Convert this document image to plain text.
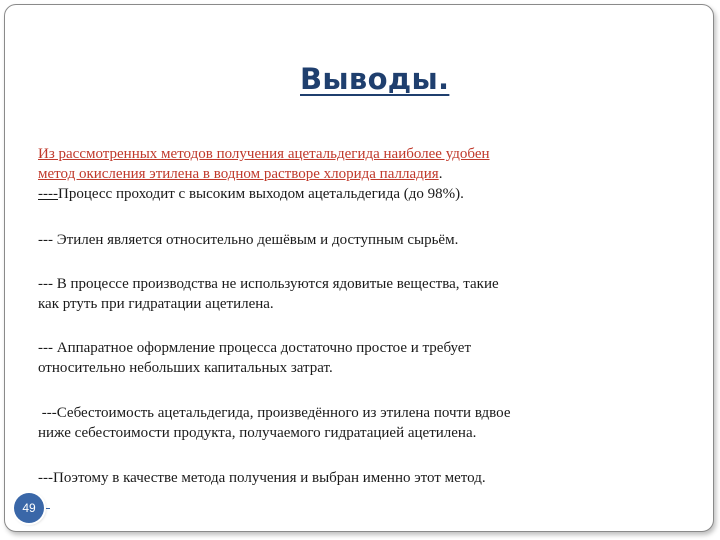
Выводы.
Из рассмотренных методов получения ацетальдегида наиболее удобен
метод окисления этилена в водном растворе хлорида палладия.
----Процесс проходит с высоким выходом ацетальдегида (до 98%).
--- Этилен является относительно дешёвым и доступным сырьём.
--- В процессе производства не используются ядовитые вещества, такие
как ртуть при гидратации ацетилена.
--- Аппаратное оформление процесса достаточно простое и требует
относительно небольших капитальных затрат.
---Себестоимость ацетальдегида, произведённого из этилена почти вдвое
ниже себестоимости продукта, получаемого гидратацией ацетилена.
---Поэтому в качестве метода получения и выбран именно этот метод.
49
